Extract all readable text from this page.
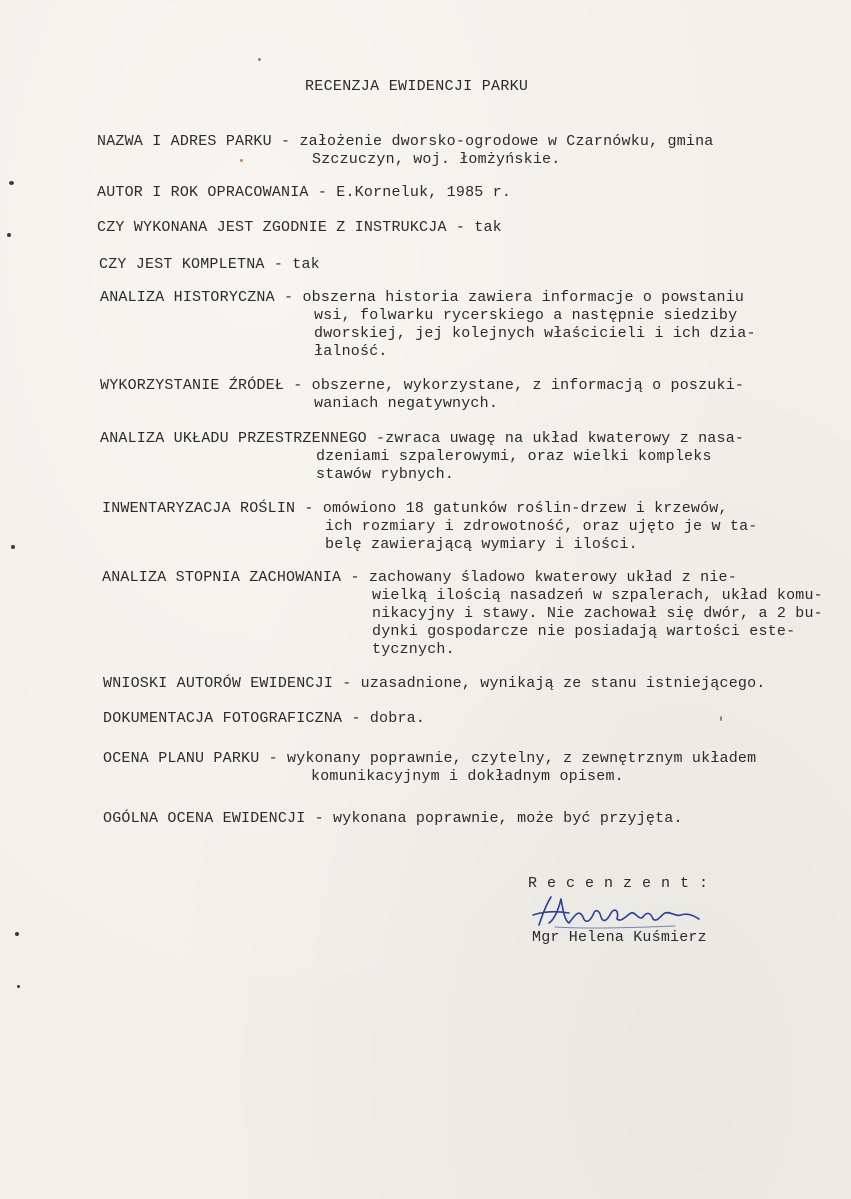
RECENZJA EWIDENCJI PARKU
NAZWA I ADRES PARKU - założenie dworsko-ogrodowe w Czarnówku, gmina
Szczuczyn, woj. łomżyńskie.
AUTOR I ROK OPRACOWANIA - E.Korneluk, 1985 r.
CZY WYKONANA JEST ZGODNIE Z INSTRUKCJA - tak
CZY JEST KOMPLETNA - tak
ANALIZA HISTORYCZNA - obszerna historia zawiera informacje o powstaniu
wsi, folwarku rycerskiego a następnie siedziby
dworskiej, jej kolejnych właścicieli i ich dzia-
łalność.
WYKORZYSTANIE ŹRÓDEŁ - obszerne, wykorzystane, z informacją o poszuki-
waniach negatywnych.
ANALIZA UKŁADU PRZESTRZENNEGO -zwraca uwagę na układ kwaterowy z nasa-
dzeniami szpalerowymi, oraz wielki kompleks
stawów rybnych.
INWENTARYZACJA ROŚLIN - omówiono 18 gatunków roślin-drzew i krzewów,
ich rozmiary i zdrowotność, oraz ujęto je w ta-
belę zawierającą wymiary i ilości.
ANALIZA STOPNIA ZACHOWANIA - zachowany śladowo kwaterowy układ z nie-
wielką ilością nasadzeń w szpalerach, układ komu-
nikacyjny i stawy. Nie zachował się dwór, a 2 bu-
dynki gospodarcze nie posiadają wartości este-
tycznych.
WNIOSKI AUTORÓW EWIDENCJI - uzasadnione, wynikają ze stanu istniejącego.
DOKUMENTACJA FOTOGRAFICZNA - dobra.
OCENA PLANU PARKU - wykonany poprawnie, czytelny, z zewnętrznym układem
komunikacyjnym i dokładnym opisem.
OGÓLNA OCENA EWIDENCJI - wykonana poprawnie, może być przyjęta.
R e c e n z e n t :
Mgr Helena Kuśmierz
